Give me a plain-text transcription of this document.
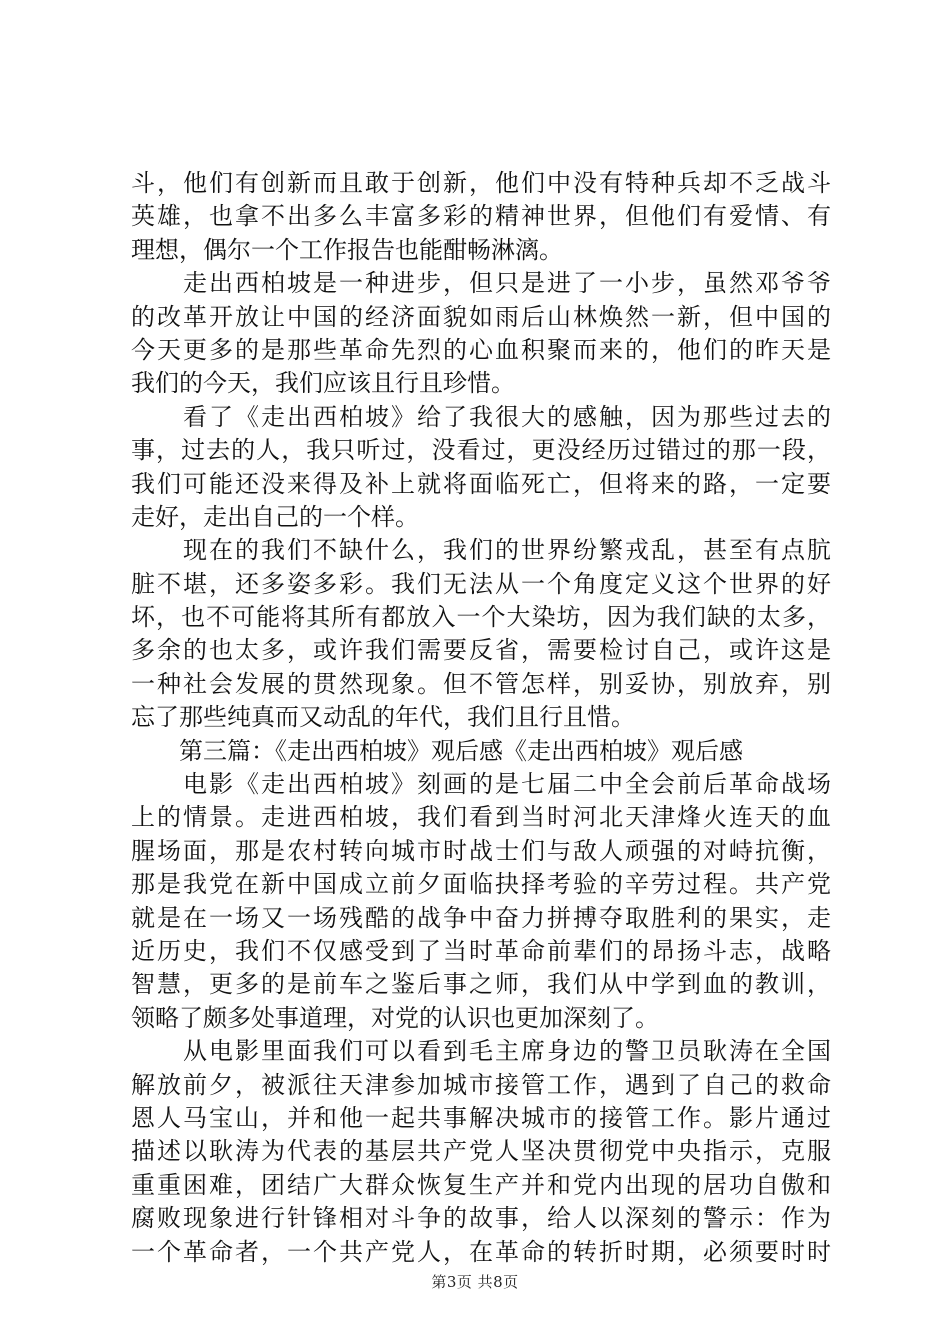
斗，他们有创新而且敢于创新，他们中没有特种兵却不乏战斗
英雄，也拿不出多么丰富多彩的精神世界，但他们有爱情、有
理想，偶尔一个工作报告也能酣畅淋漓。
　　走出西柏坡是一种进步，但只是进了一小步，虽然邓爷爷
的改革开放让中国的经济面貌如雨后山林焕然一新，但中国的
今天更多的是那些革命先烈的心血积聚而来的，他们的昨天是
我们的今天，我们应该且行且珍惜。
　　看了《走出西柏坡》给了我很大的感触，因为那些过去的
事，过去的人，我只听过，没看过，更没经历过错过的那一段，
我们可能还没来得及补上就将面临死亡，但将来的路，一定要
走好，走出自己的一个样。
　　现在的我们不缺什么，我们的世界纷繁戎乱，甚至有点肮
脏不堪，还多姿多彩。我们无法从一个角度定义这个世界的好
坏，也不可能将其所有都放入一个大染坊，因为我们缺的太多，
多余的也太多，或许我们需要反省，需要检讨自己，或许这是
一种社会发展的贯然现象。但不管怎样，别妥协，别放弃，别
忘了那些纯真而又动乱的年代，我们且行且惜。
　　第三篇：《走出西柏坡》观后感《走出西柏坡》观后感
　　电影《走出西柏坡》刻画的是七届二中全会前后革命战场
上的情景。走进西柏坡，我们看到当时河北天津烽火连天的血
腥场面，那是农村转向城市时战士们与敌人顽强的对峙抗衡，
那是我党在新中国成立前夕面临抉择考验的辛劳过程。共产党
就是在一场又一场残酷的战争中奋力拼搏夺取胜利的果实，走
近历史，我们不仅感受到了当时革命前辈们的昂扬斗志，战略
智慧，更多的是前车之鉴后事之师，我们从中学到血的教训，
领略了颇多处事道理，对党的认识也更加深刻了。
　　从电影里面我们可以看到毛主席身边的警卫员耿涛在全国
解放前夕，被派往天津参加城市接管工作，遇到了自己的救命
恩人马宝山，并和他一起共事解决城市的接管工作。影片通过
描述以耿涛为代表的基层共产党人坚决贯彻党中央指示，克服
重重困难，团结广大群众恢复生产并和党内出现的居功自傲和
腐败现象进行针锋相对斗争的故事，给人以深刻的警示：作为
一个革命者，一个共产党人，在革命的转折时期，必须要时时
第3页 共8页
